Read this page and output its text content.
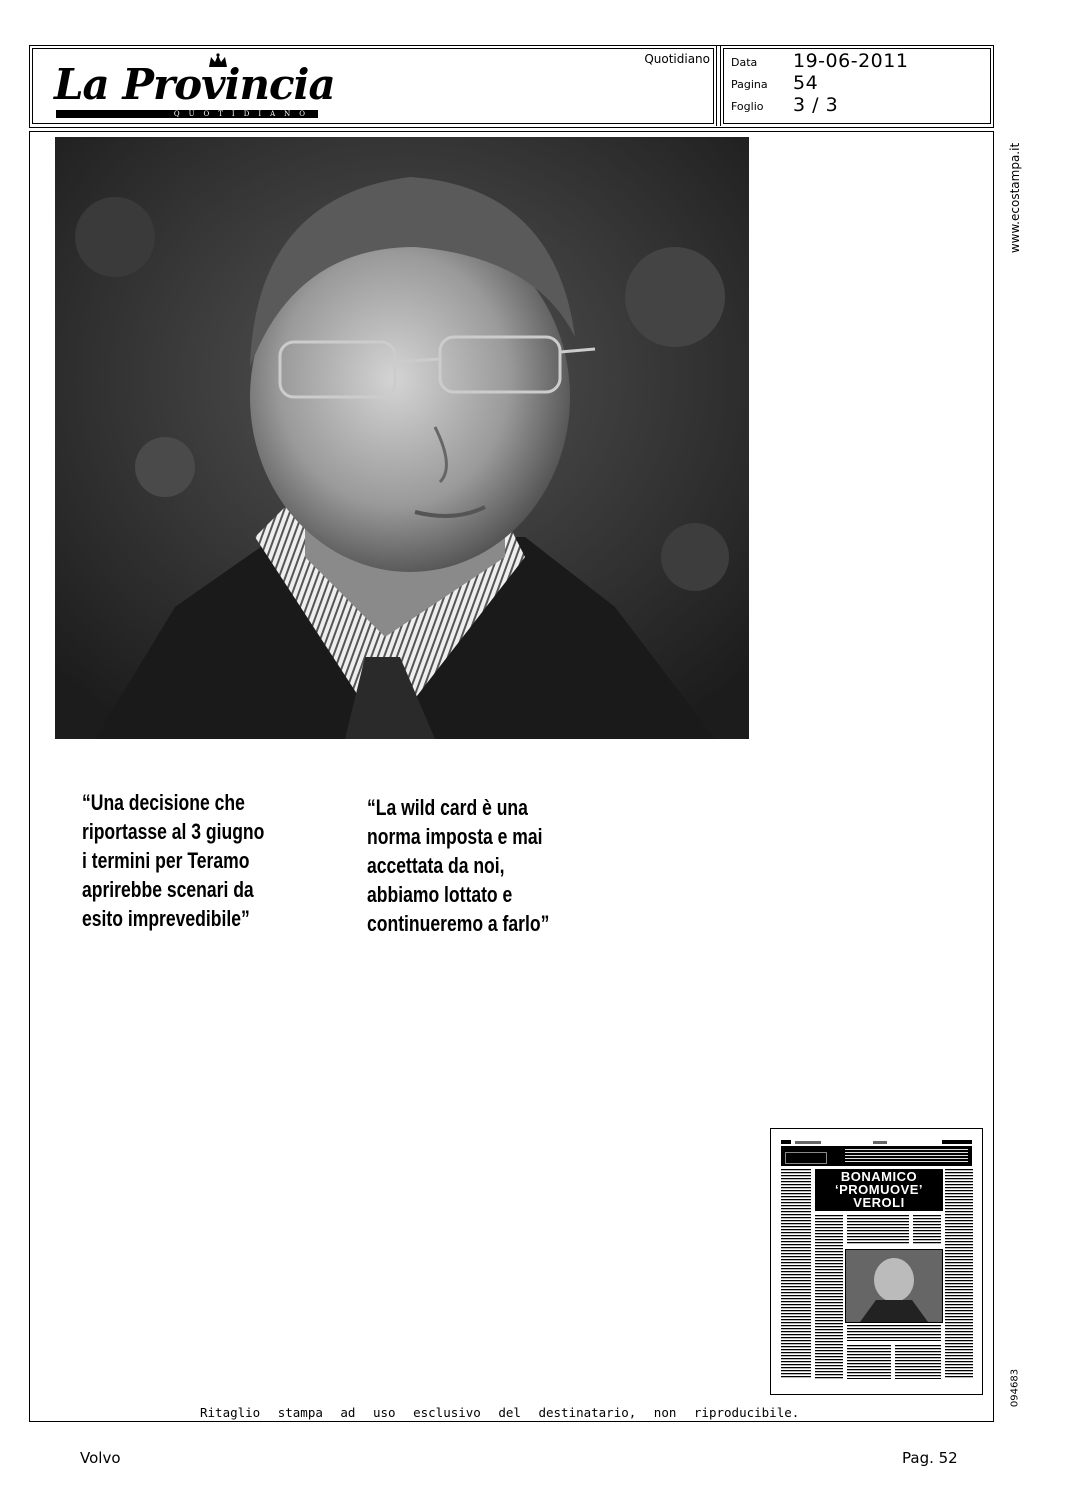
La Provincia
QUOTIDIANO
Quotidiano Data 19-06-2011
Pagina 54
Foglio 3 / 3
www.ecostampa.it
094683
“Una decisione che
riportasse al 3 giugno
i termini per Teramo
aprirebbe scenari da
esito imprevedibile”
“La wild card è una
norma imposta e mai
accettata da noi,
abbiamo lottato e
continueremo a farlo”
BONAMICO
‘PROMUOVE’
VEROLI
Ritaglio stampa ad uso esclusivo del destinatario, non riproducibile.
Volvo	Pag. 52
